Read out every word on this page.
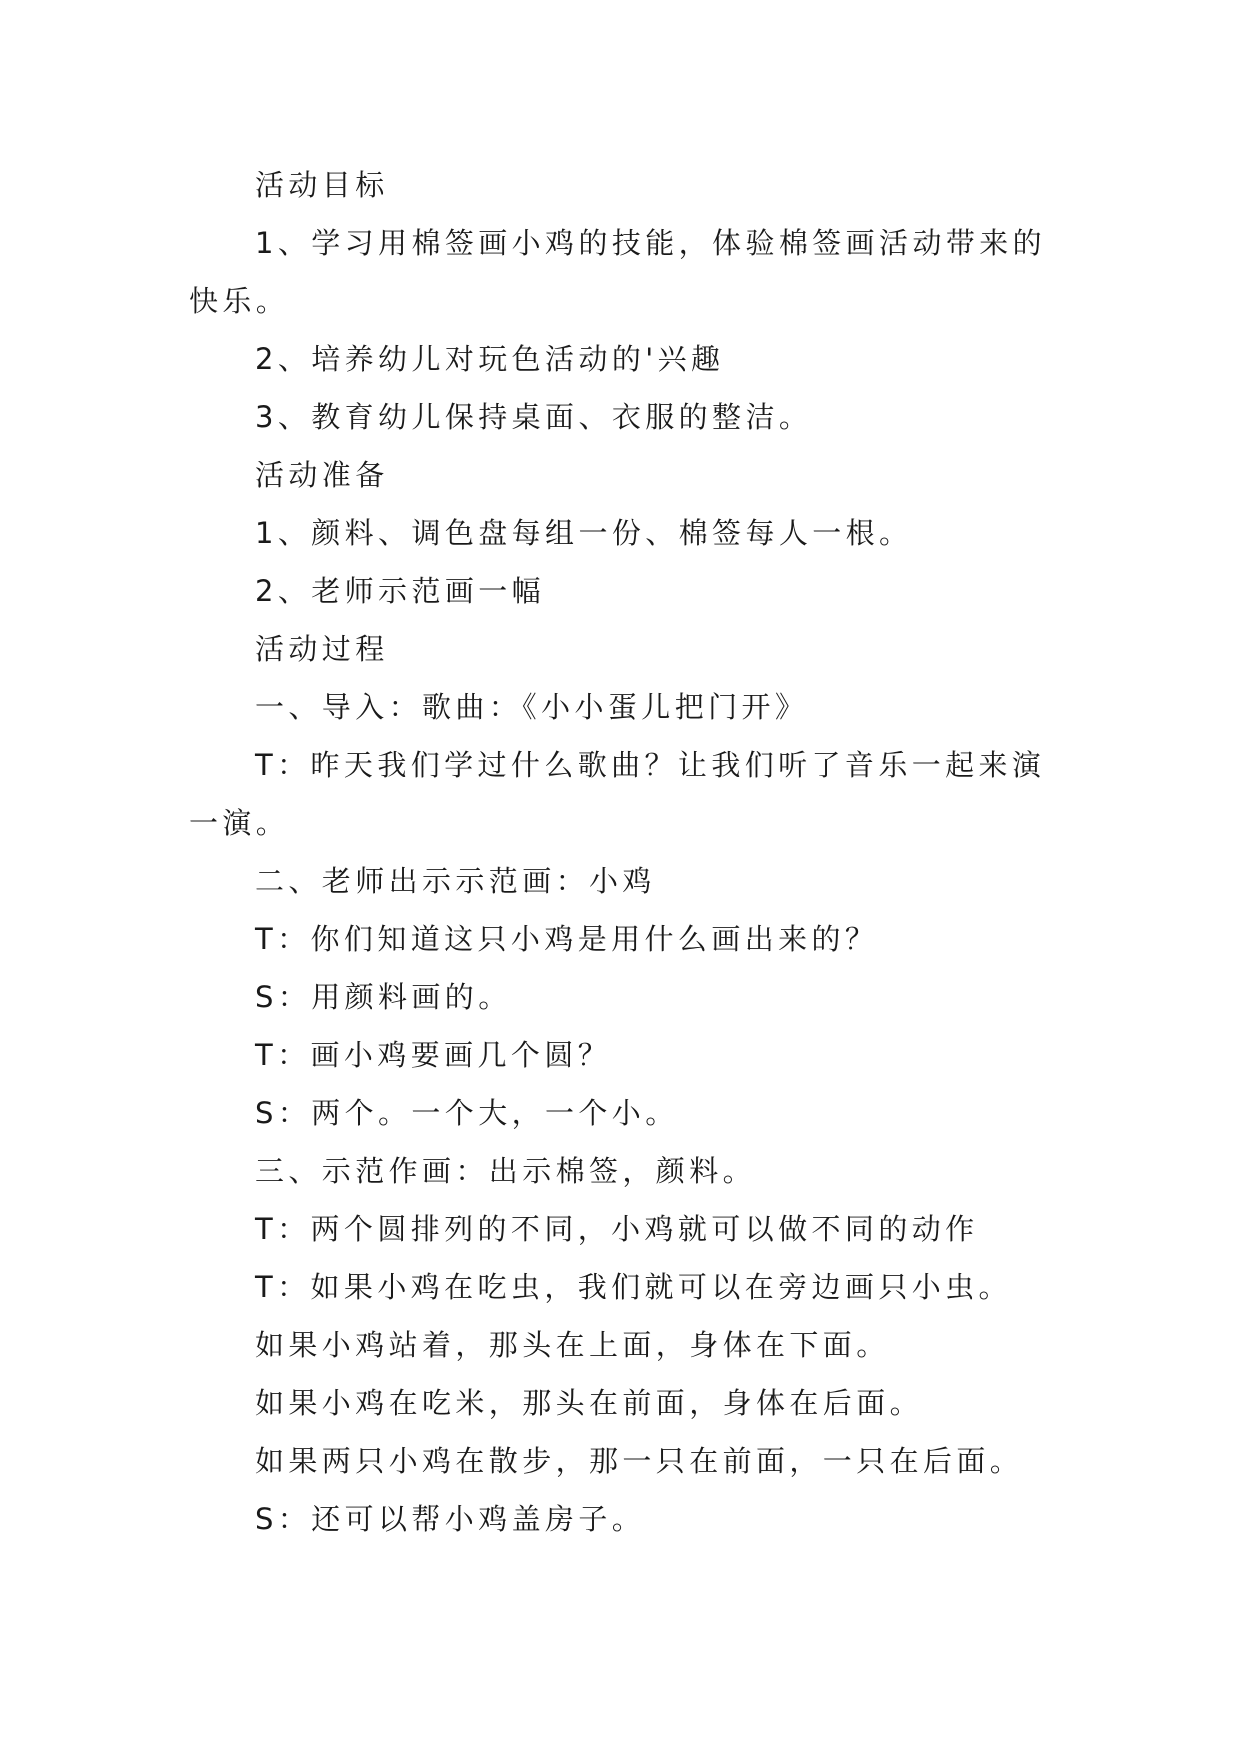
活动目标

1、学习用棉签画小鸡的技能，体验棉签画活动带来的快乐。

2、培养幼儿对玩色活动的'兴趣

3、教育幼儿保持桌面、衣服的整洁。

活动准备

1、颜料、调色盘每组一份、棉签每人一根。

2、老师示范画一幅

活动过程

一、导入：歌曲：《小小蛋儿把门开》

T：昨天我们学过什么歌曲？让我们听了音乐一起来演一演。

二、老师出示示范画：小鸡

T：你们知道这只小鸡是用什么画出来的？

S：用颜料画的。

T：画小鸡要画几个圆？

S：两个。一个大，一个小。

三、示范作画：出示棉签，颜料。

T：两个圆排列的不同，小鸡就可以做不同的动作

T：如果小鸡在吃虫，我们就可以在旁边画只小虫。

如果小鸡站着，那头在上面，身体在下面。

如果小鸡在吃米，那头在前面，身体在后面。

如果两只小鸡在散步，那一只在前面，一只在后面。

S：还可以帮小鸡盖房子。
